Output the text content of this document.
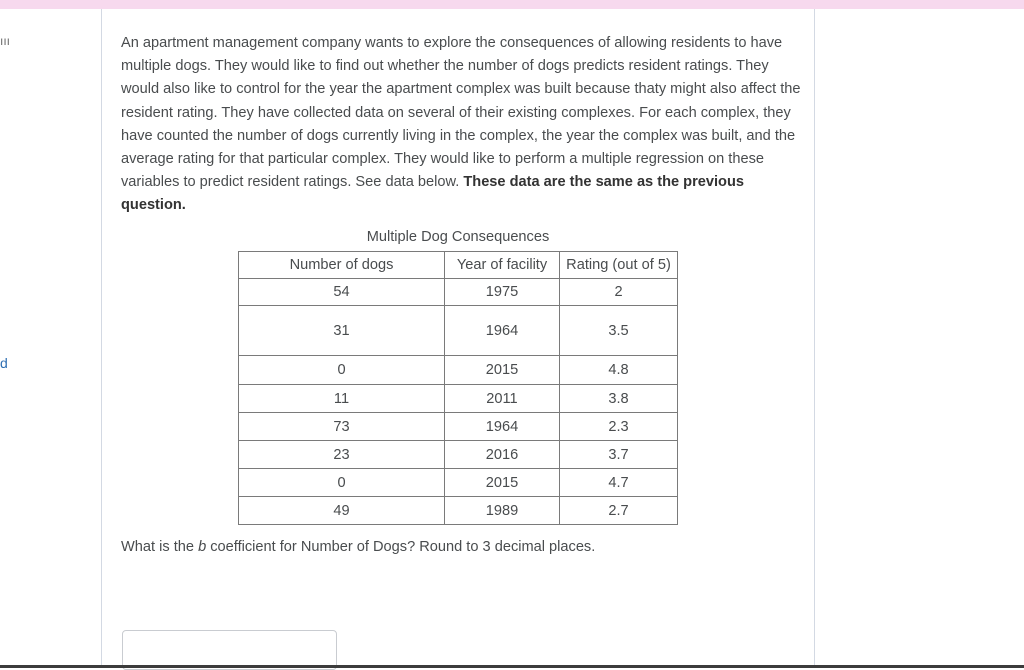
ııı
d
An apartment management company wants to explore the consequences of allowing residents to have multiple dogs. They would like to find out whether the number of dogs predicts resident ratings. They would also like to control for the year the apartment complex was built because thaty might also affect the resident rating. They have collected data on several of their existing complexes. For each complex, they have counted the number of dogs currently living in the complex, the year the complex was built, and the average rating for that particular complex. They would like to perform a multiple regression on these variables to predict resident ratings. See data below. These data are the same as the previous question.
Multiple Dog Consequences
Number of dogs	Year of facility	Rating (out of 5)
54	1975	2
31	1964	3.5
0	2015	4.8
11	2011	3.8
73	1964	2.3
23	2016	3.7
0	2015	4.7
49	1989	2.7
What is the b coefficient for Number of Dogs? Round to 3 decimal places.
